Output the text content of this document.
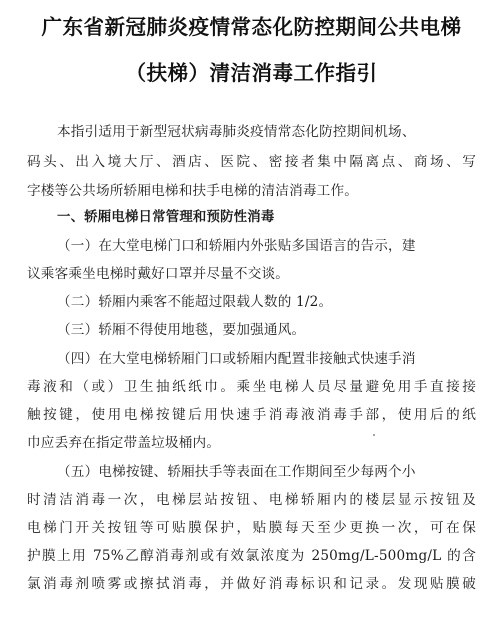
广东省新冠肺炎疫情常态化防控期间公共电梯
（扶梯）清洁消毒工作指引
本指引适用于新型冠状病毒肺炎疫情常态化防控期间机场、
码头、出入境大厅、酒店、医院、密接者集中隔离点、商场、写
字楼等公共场所轿厢电梯和扶手电梯的清洁消毒工作。
一、轿厢电梯日常管理和预防性消毒
（一）在大堂电梯门口和轿厢内外张贴多国语言的告示，建
议乘客乘坐电梯时戴好口罩并尽量不交谈。
（二）轿厢内乘客不能超过限载人数的 1/2。
（三）轿厢不得使用地毯，要加强通风。
（四）在大堂电梯轿厢门口或轿厢内配置非接触式快速手消
毒液和（或）卫生抽纸纸巾。乘坐电梯人员尽量避免用手直接接
触按键，使用电梯按键后用快速手消毒液消毒手部，使用后的纸
巾应丢弃在指定带盖垃圾桶内。
（五）电梯按键、轿厢扶手等表面在工作期间至少每两个小
时清洁消毒一次，电梯层站按钮、电梯轿厢内的楼层显示按钮及
电梯门开关按钮等可贴膜保护，贴膜每天至少更换一次，可在保
护膜上用 75%乙醇消毒剂或有效氯浓度为 250mg/L-500mg/L 的含
氯消毒剂喷雾或擦拭消毒，并做好消毒标识和记录。发现贴膜破
